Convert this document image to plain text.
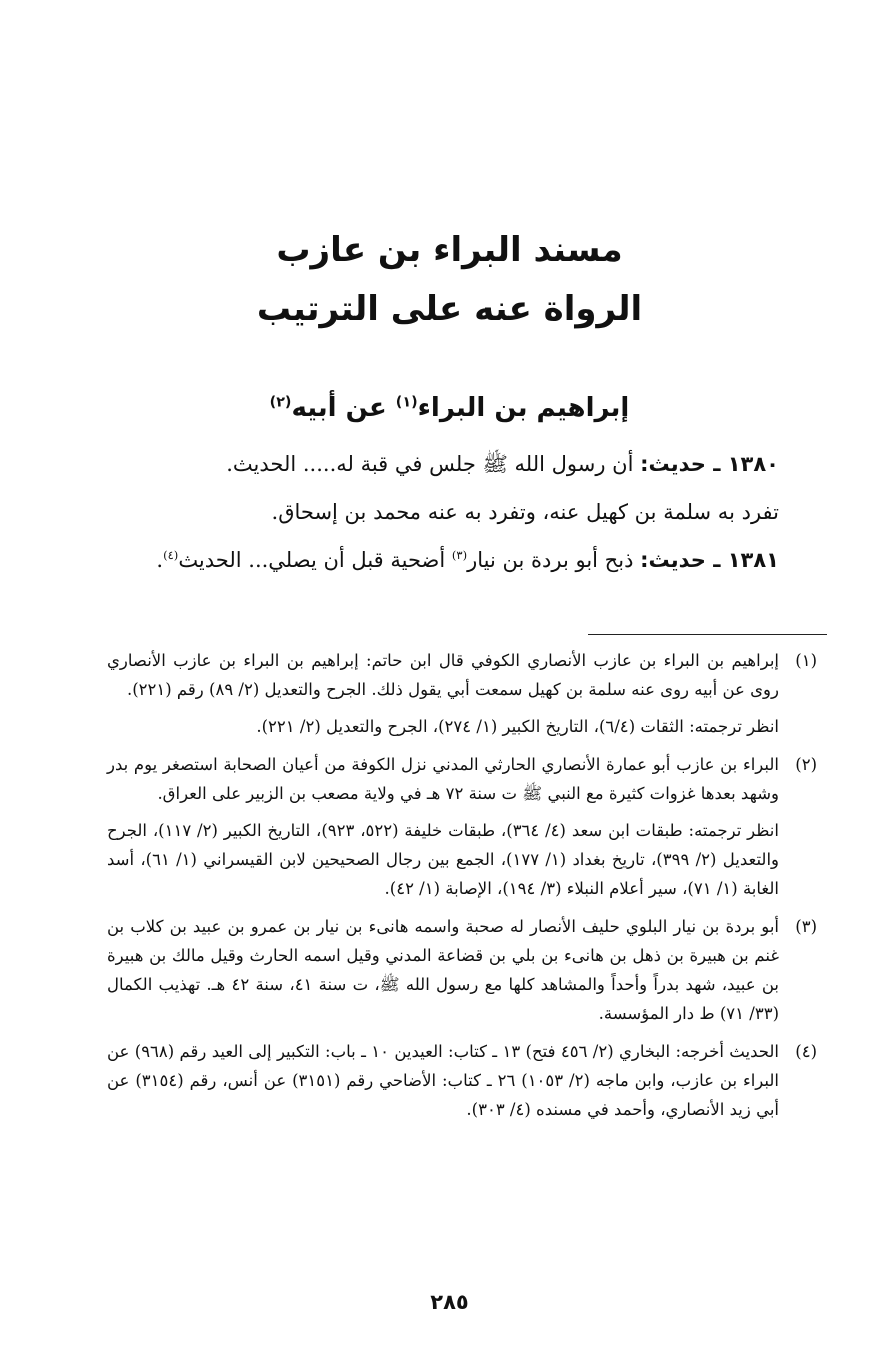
مسند البراء بن عازب
الرواة عنه على الترتيب
إبراهيم بن البراء$^{(١)}$ عن أبيه$^{(٢)}$
١٣٨٠ ـ حديث: أن رسول الله ﷺ جلس في قبة له..... الحديث.
تفرد به سلمة بن كهيل عنه، وتفرد به عنه محمد بن إسحاق.
١٣٨١ ـ حديث: ذبح أبو بردة بن نيار$^{(٣)}$ أضحية قبل أن يصلي... الحديث$^{(٤)}$.
(١)

إبراهيم بن البراء بن عازب الأنصاري الكوفي قال ابن حاتم: إبراهيم بن البراء بن عازب الأنصاري روى عن أبيه روى عنه سلمة بن كهيل سمعت أبي يقول ذلك. الجرح والتعديل (٢/ ٨٩) رقم (٢٢١).

انظر ترجمته: الثقات (٦/٤)، التاريخ الكبير (١/ ٢٧٤)، الجرح والتعديل (٢/ ٢٢١).

(٢)

البراء بن عازب أبو عمارة الأنصاري الحارثي المدني نزل الكوفة من أعيان الصحابة استصغر يوم بدر وشهد بعدها غزوات كثيرة مع النبي ﷺ ت سنة ٧٢ هـ في ولاية مصعب بن الزبير على العراق.

انظر ترجمته: طبقات ابن سعد (٤/ ٣٦٤)، طبقات خليفة (٥٢٢، ٩٢٣)، التاريخ الكبير (٢/ ١١٧)، الجرح والتعديل (٢/ ٣٩٩)، تاريخ بغداد (١/ ١٧٧)، الجمع بين رجال الصحيحين لابن القيسراني (١/ ٦١)، أسد الغابة (١/ ٧١)، سير أعلام النبلاء (٣/ ١٩٤)، الإصابة (١/ ٤٢).

(٣)

أبو بردة بن نيار البلوي حليف الأنصار له صحبة واسمه هانىء بن نيار بن عمرو بن عبيد بن كلاب بن غنم بن هبيرة بن ذهل بن هانىء بن بلي بن قضاعة المدني وقيل اسمه الحارث وقيل مالك بن هبيرة بن عبيد، شهد بدراً وأحداً والمشاهد كلها مع رسول الله ﷺ، ت سنة ٤١، سنة ٤٢ هـ. تهذيب الكمال (٣٣/ ٧١) ط دار المؤسسة.

(٤)

الحديث أخرجه: البخاري (٢/ ٤٥٦ فتح) ١٣ ـ كتاب: العيدين ١٠ ـ باب: التكبير إلى العيد رقم (٩٦٨) عن البراء بن عازب، وابن ماجه (٢/ ١٠٥٣) ٢٦ ـ كتاب: الأضاحي رقم (٣١٥١) عن أنس، رقم (٣١٥٤) عن أبي زيد الأنصاري، وأحمد في مسنده (٤/ ٣٠٣).

٢٨٥
